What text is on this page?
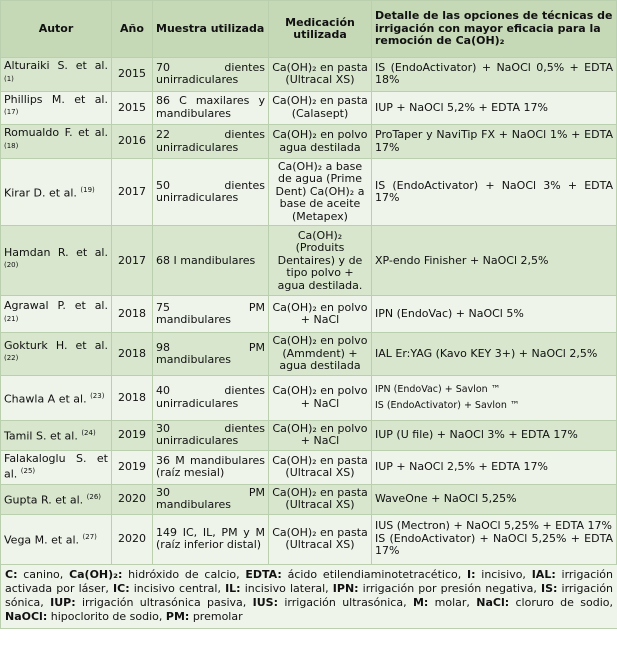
Autor	Año	Muestra utilizada	Medicación utilizada	Detalle de las opciones de técnicas de irrigación con mayor eficacia para la remoción de Ca(OH)₂
Alturaiki S. et al. $^{(1)}$	2015	70 dientes unirradiculares	Ca(OH)₂ en pasta (Ultracal XS)	IS (EndoActivator) + NaOCl 0,5% + EDTA 18%
Phillips M. et al. $^{(17)}$	2015	86 C maxilares y mandibulares	Ca(OH)₂ en pasta (Calasept)	IUP + NaOCl 5,2% + EDTA 17%
Romualdo F. et al. $^{(18)}$	2016	22 dientes unirradiculares	Ca(OH)₂ en polvo agua destilada	ProTaper y NaviTip FX + NaOCl 1% + EDTA 17%
Kirar D. et al. $^{(19)}$	2017	50 dientes unirradiculares	Ca(OH)₂ a base de agua (Prime Dent) Ca(OH)₂ a base de aceite (Metapex)	IS (EndoActivator) + NaOCl 3% + EDTA 17%
Hamdan R. et al. $^{(20)}$	2017	68 I mandibulares	Ca(OH)₂ (Produits Dentaires) y de tipo polvo + agua destilada.	XP-endo Finisher + NaOCl 2,5%
Agrawal P. et al. $^{(21)}$	2018	75 PM mandibulares	Ca(OH)₂ en polvo + NaCl	IPN (EndoVac) + NaOCl 5%
Gokturk H. et al. $^{(22)}$	2018	98 PM mandibulares	Ca(OH)₂ en polvo (Ammdent) + agua destilada	IAL Er:YAG (Kavo KEY 3+) + NaOCl 2,5%
Chawla A et al. $^{(23)}$	2018	40 dientes unirradiculares	Ca(OH)₂ en polvo + NaCl	IPN (EndoVac) + Savlon ™
IS (EndoActivator) + Savlon ™

Tamil S. et al. $^{(24)}$	2019	30 dientes unirradiculares	Ca(OH)₂ en polvo + NaCl	IUP (U file) + NaOCl 3% + EDTA 17%
Falakaloglu S. et al. $^{(25)}$	2019	36 M mandibulares (raíz mesial)	Ca(OH)₂ en pasta (Ultracal XS)	IUP + NaOCl 2,5% + EDTA 17%
Gupta R. et al. $^{(26)}$	2020	30 PM mandibulares	Ca(OH)₂ en pasta (Ultracal XS)	WaveOne + NaOCl 5,25%
Vega M. et al. $^{(27)}$	2020	149 IC, IL, PM y M (raíz inferior distal)	Ca(OH)₂ en pasta (Ultracal XS)	IUS (Mectron) + NaOCl 5,25% + EDTA 17%
IS (EndoActivator) + NaOCl 5,25% + EDTA 17%
C: canino, Ca(OH)₂: hidróxido de calcio, EDTA: ácido etilendiaminotetracético, I: incisivo, IAL: irrigación activada por láser, IC: incisivo central, IL: incisivo lateral, IPN: irrigación por presión negativa, IS: irrigación sónica, IUP: irrigación ultrasónica pasiva, IUS: irrigación ultrasónica, M: molar, NaCl: cloruro de sodio, NaOCl: hipoclorito de sodio, PM: premolar
